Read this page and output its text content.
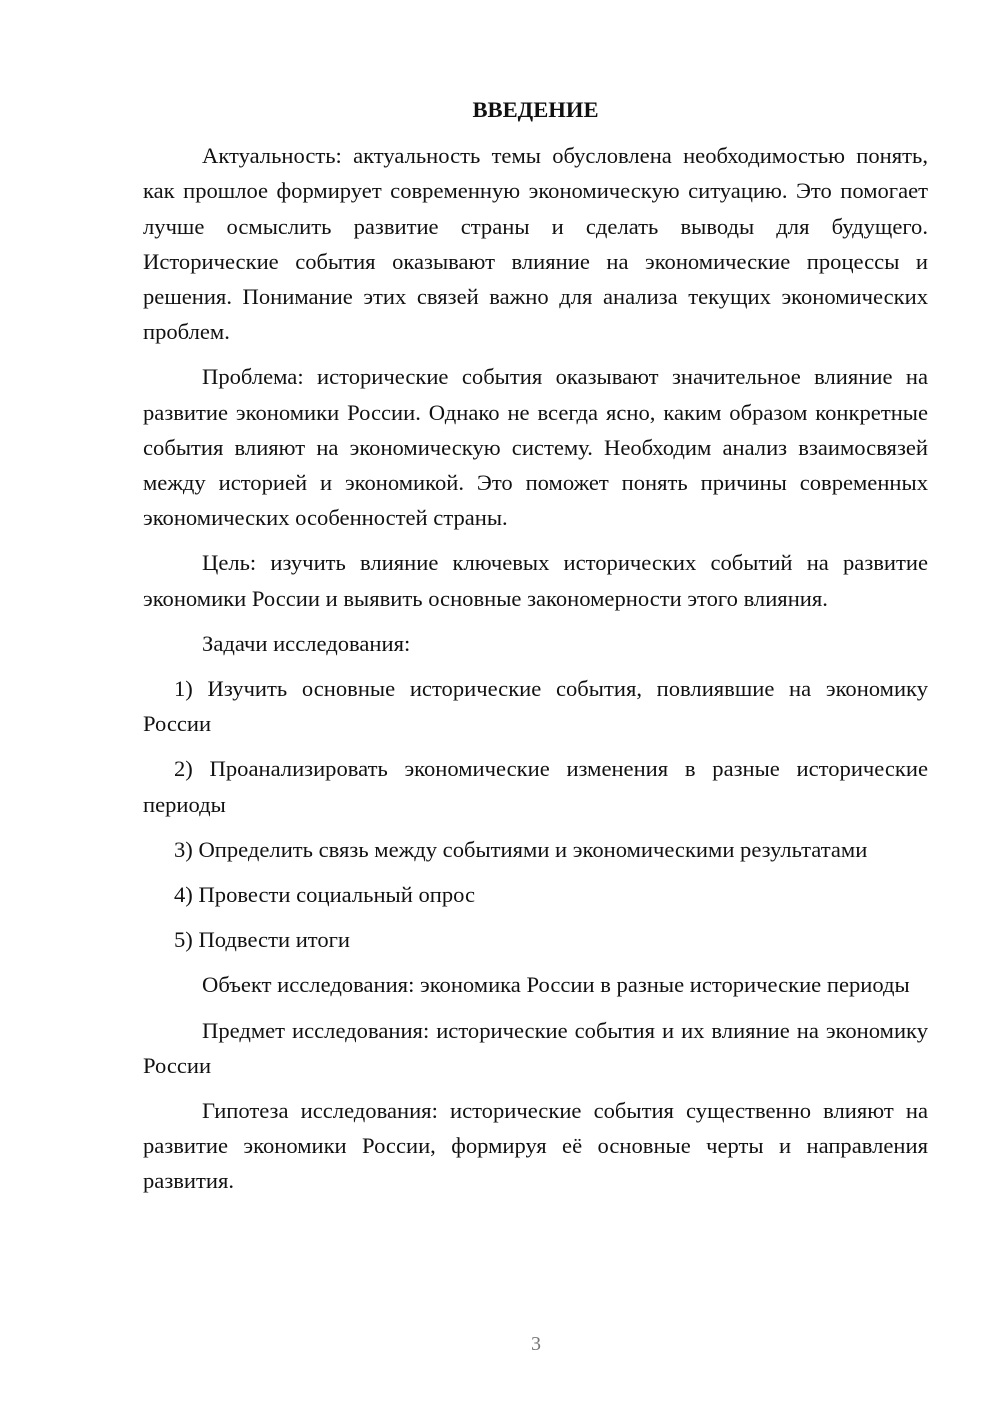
ВВЕДЕНИЕ

Актуальность: актуальность темы обусловлена необходимостью понять, как прошлое формирует современную экономическую ситуацию. Это помогает лучше осмыслить развитие страны и сделать выводы для будущего. Исторические события оказывают влияние на экономические процессы и решения. Понимание этих связей важно для анализа текущих экономических проблем.

Проблема: исторические события оказывают значительное влияние на развитие экономики России. Однако не всегда ясно, каким образом конкретные события влияют на экономическую систему. Необходим анализ взаимосвязей между историей и экономикой. Это поможет понять причины современных экономических особенностей страны.

Цель: изучить влияние ключевых исторических событий на развитие экономики России и выявить основные закономерности этого влияния.

Задачи исследования:

1) Изучить основные исторические события, повлиявшие на экономику России

2) Проанализировать экономические изменения в разные исторические периоды

3) Определить связь между событиями и экономическими результатами

4) Провести социальный опрос

5) Подвести итоги

Объект исследования: экономика России в разные исторические периоды

Предмет исследования: исторические события и их влияние на экономику России

Гипотеза исследования: исторические события существенно влияют на развитие экономики России, формируя её основные черты и направления развития.

3
